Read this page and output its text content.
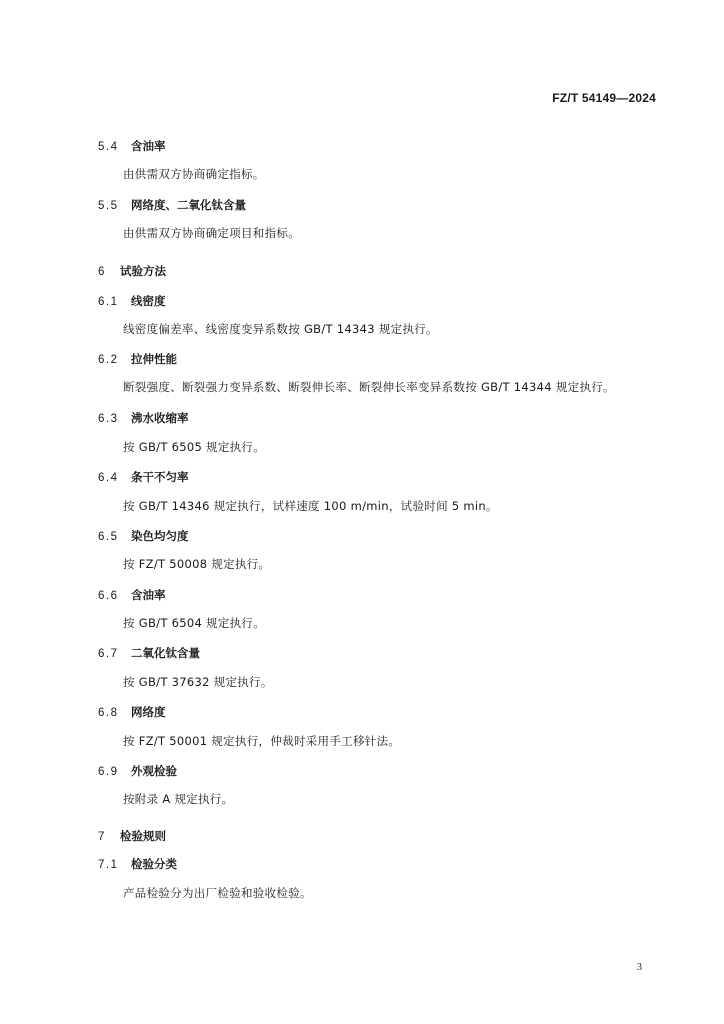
FZ/T 54149—2024
5.4 含油率
由供需双方协商确定指标。
5.5 网络度、二氧化钛含量
由供需双方协商确定项目和指标。
6 试验方法
6.1 线密度
线密度偏差率、线密度变异系数按 GB/T 14343 规定执行。
6.2 拉伸性能
断裂强度、断裂强力变异系数、断裂伸长率、断裂伸长率变异系数按 GB/T 14344 规定执行。
6.3 沸水收缩率
按 GB/T 6505 规定执行。
6.4 条干不匀率
按 GB/T 14346 规定执行，试样速度 100 m/min，试验时间 5 min。
6.5 染色均匀度
按 FZ/T 50008 规定执行。
6.6 含油率
按 GB/T 6504 规定执行。
6.7 二氧化钛含量
按 GB/T 37632 规定执行。
6.8 网络度
按 FZ/T 50001 规定执行，仲裁时采用手工移针法。
6.9 外观检验
按附录 A 规定执行。
7 检验规则
7.1 检验分类
产品检验分为出厂检验和验收检验。
3
